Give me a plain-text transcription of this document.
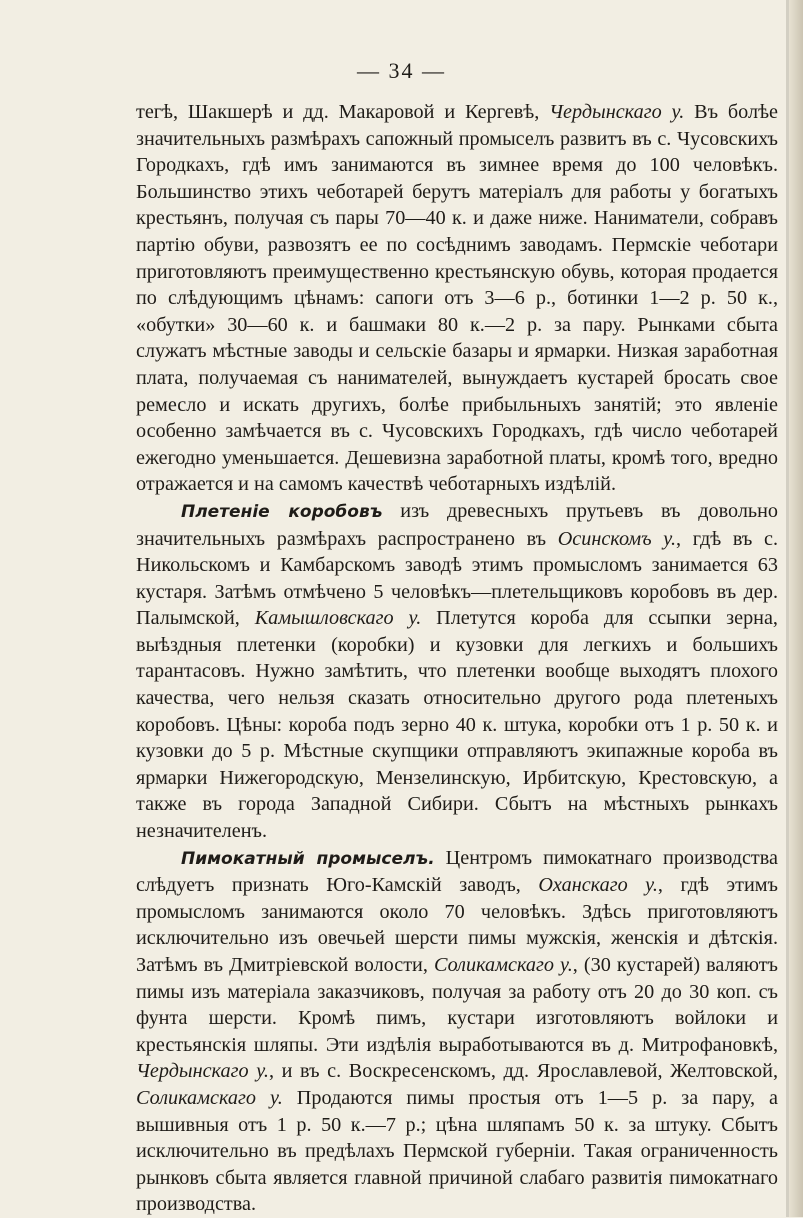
— 34 —

тегѣ, Шакшерѣ и дд. Макаровой и Кергевѣ, Чердынскаго у. Въ болѣе значительныхъ размѣрахъ сапожный промыселъ развитъ въ с. Чусовскихъ Городкахъ, гдѣ имъ занимаются въ зимнее время до 100 человѣкъ. Большинство этихъ чеботарей берутъ матеріалъ для работы у богатыхъ крестьянъ, получая съ пары 70—40 к. и даже ниже. Наниматели, собравъ партію обуви, развозятъ ее по сосѣднимъ заводамъ. Пермскіе чеботари приготовляютъ преимущественно крестьянскую обувь, которая продается по слѣдующимъ цѣнамъ: сапоги отъ 3—6 р., ботинки 1—2 р. 50 к., «обутки» 30—60 к. и башмаки 80 к.—2 р. за пару. Рынками сбыта служатъ мѣстные заводы и сельскіе базары и ярмарки. Низкая заработная плата, получаемая съ нанимателей, вынуждаетъ кустарей бросать свое ремесло и искать другихъ, болѣе прибыльныхъ занятій; это явленіе особенно замѣчается въ с. Чусовскихъ Городкахъ, гдѣ число чеботарей ежегодно уменьшается. Дешевизна заработной платы, кромѣ того, вредно отражается и на самомъ качествѣ чеботарныхъ издѣлій.

Плетеніе коробовъ изъ древесныхъ прутьевъ въ довольно значительныхъ размѣрахъ распространено въ Осинскомъ у., гдѣ въ с. Никольскомъ и Камбарскомъ заводѣ этимъ промысломъ занимается 63 кустаря. Затѣмъ отмѣчено 5 человѣкъ—плетельщиковъ коробовъ въ дер. Палымской, Камышловскаго у. Плетутся короба для ссыпки зерна, выѣздныя плетенки (коробки) и кузовки для легкихъ и большихъ тарантасовъ. Нужно замѣтить, что плетенки вообще выходятъ плохого качества, чего нельзя сказать относительно другого рода плетеныхъ коробовъ. Цѣны: короба подъ зерно 40 к. штука, коробки отъ 1 р. 50 к. и кузовки до 5 р. Мѣстные скупщики отправляютъ экипажные короба въ ярмарки Нижегородскую, Мензелинскую, Ирбитскую, Крестовскую, а также въ города Западной Сибири. Сбытъ на мѣстныхъ рынкахъ незначителенъ.

Пимокатный промыселъ. Центромъ пимокатнаго производства слѣдуетъ признать Юго-Камскій заводъ, Оханскаго у., гдѣ этимъ промысломъ занимаются около 70 человѣкъ. Здѣсь приготовляютъ исключительно изъ овечьей шерсти пимы мужскія, женскія и дѣтскія. Затѣмъ въ Дмитріевской волости, Соликамскаго у., (30 кустарей) валяютъ пимы изъ матеріала заказчиковъ, получая за работу отъ 20 до 30 коп. съ фунта шерсти. Кромѣ пимъ, кустари изготовляютъ войлоки и крестьянскія шляпы. Эти издѣлія выработываются въ д. Митрофановкѣ, Чердынскаго у., и въ с. Воскресенскомъ, дд. Ярославлевой, Желтовской, Соликамскаго у. Продаются пимы простыя отъ 1—5 р. за пару, а вышивныя отъ 1 р. 50 к.—7 р.; цѣна шляпамъ 50 к. за штуку. Сбытъ исключительно въ предѣлахъ Пермской губерніи. Такая ограниченность рынковъ сбыта является главной причиной слабаго развитія пимокатнаго производства.
